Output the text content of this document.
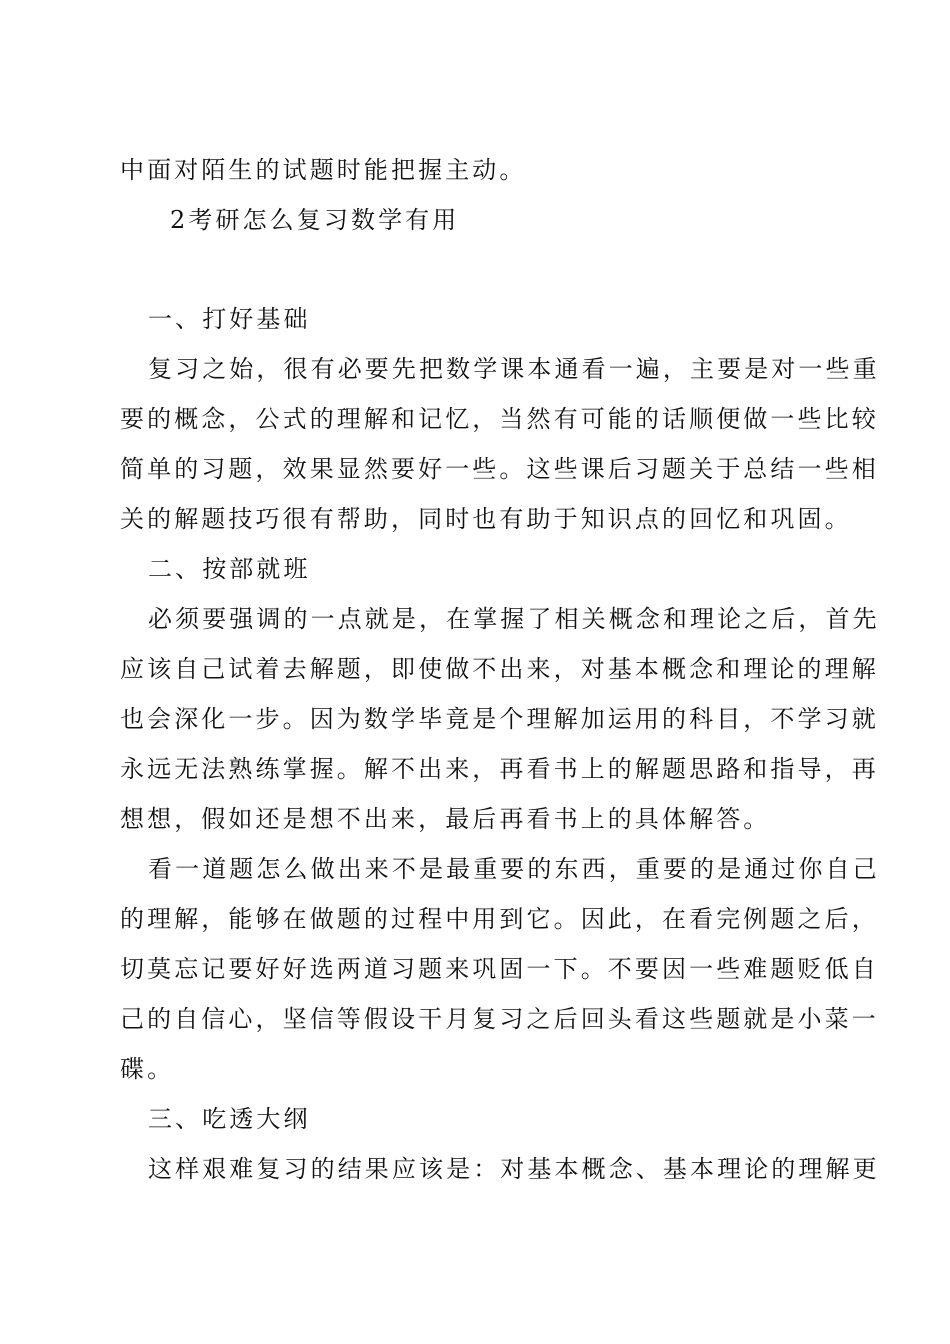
中面对陌生的试题时能把握主动。
2考研怎么复习数学有用
一、打好基础
复习之始，很有必要先把数学课本通看一遍，主要是对一些重
要的概念，公式的理解和记忆，当然有可能的话顺便做一些比较
简单的习题，效果显然要好一些。这些课后习题关于总结一些相
关的解题技巧很有帮助，同时也有助于知识点的回忆和巩固。
二、按部就班
必须要强调的一点就是，在掌握了相关概念和理论之后，首先
应该自己试着去解题，即使做不出来，对基本概念和理论的理解
也会深化一步。因为数学毕竟是个理解加运用的科目，不学习就
永远无法熟练掌握。解不出来，再看书上的解题思路和指导，再
想想，假如还是想不出来，最后再看书上的具体解答。
看一道题怎么做出来不是最重要的东西，重要的是通过你自己
的理解，能够在做题的过程中用到它。因此，在看完例题之后，
切莫忘记要好好选两道习题来巩固一下。不要因一些难题贬低自
己的自信心，坚信等假设干月复习之后回头看这些题就是小菜一
碟。
三、吃透大纲
这样艰难复习的结果应该是：对基本概念、基本理论的理解更
